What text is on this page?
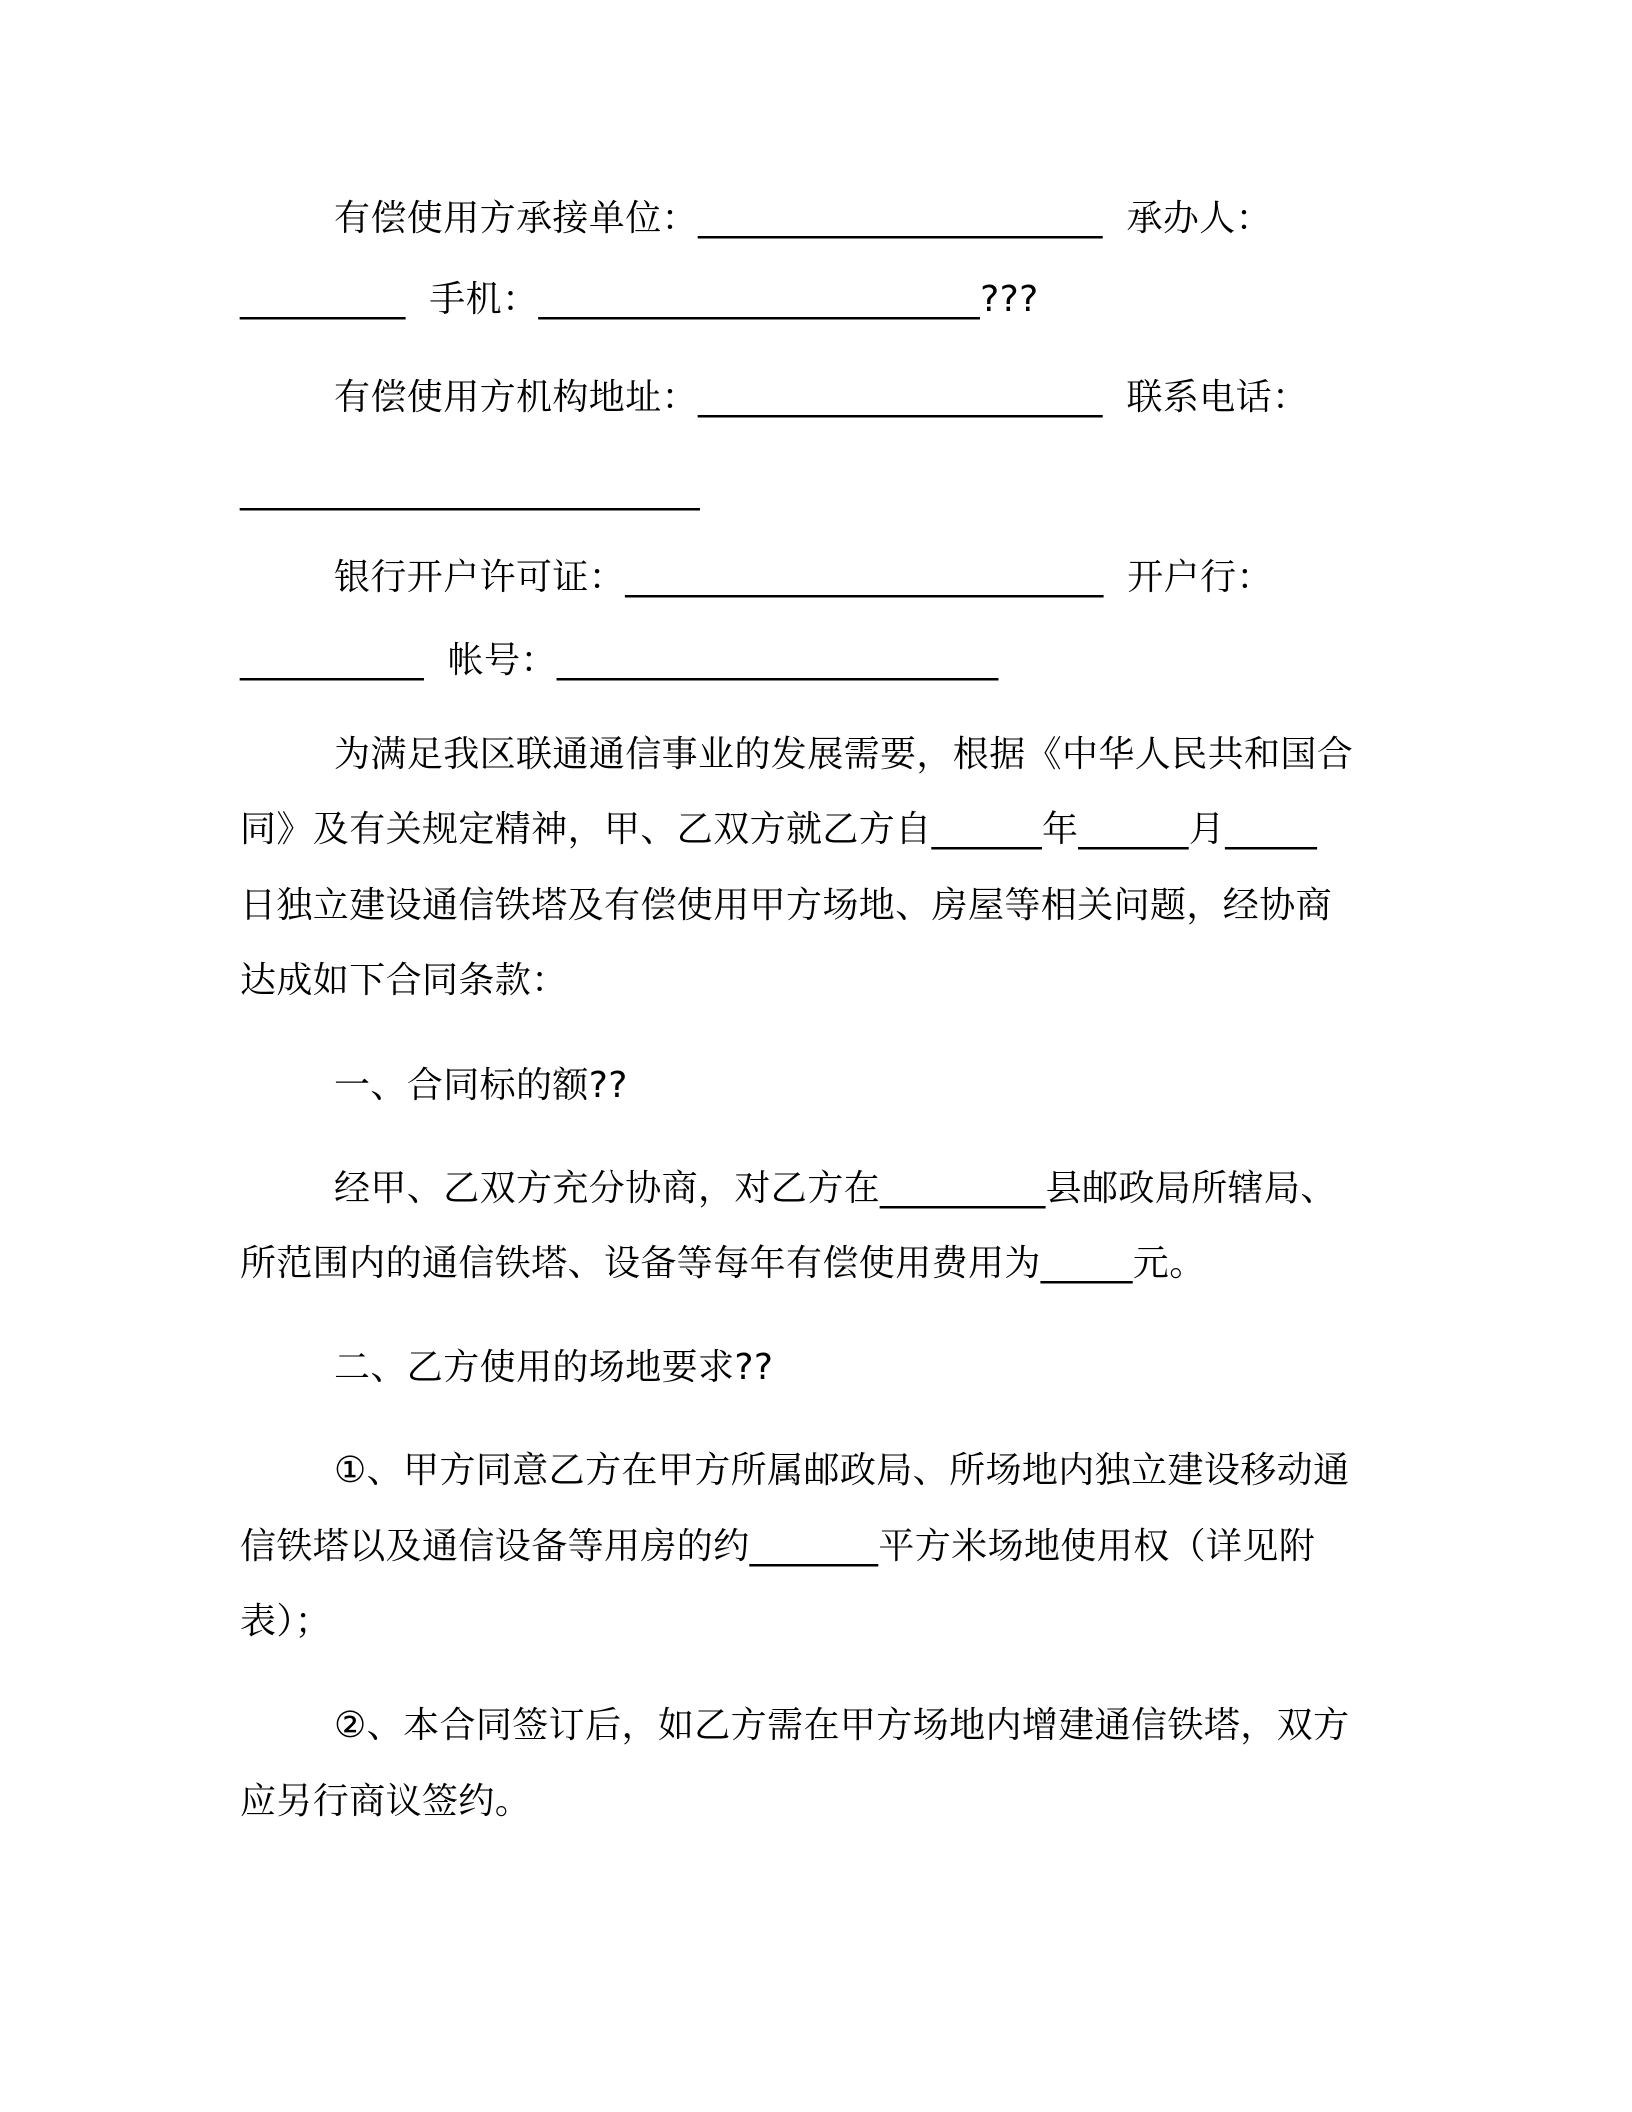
有偿使用方承接单位：______________________  承办人：
_________  手机：________________________???
有偿使用方机构地址：______________________  联系电话：
_________________________
银行开户许可证：__________________________  开户行：
__________  帐号：________________________
为满足我区联通通信事业的发展需要，根据《中华人民共和国合
同》及有关规定精神，甲、乙双方就乙方自______年______月_____
日独立建设通信铁塔及有偿使用甲方场地、房屋等相关问题，经协商
达成如下合同条款：
一、合同标的额??
经甲、乙双方充分协商，对乙方在_________县邮政局所辖局、
所范围内的通信铁塔、设备等每年有偿使用费用为_____元。
二、乙方使用的场地要求??
①、甲方同意乙方在甲方所属邮政局、所场地内独立建设移动通
信铁塔以及通信设备等用房的约_______平方米场地使用权（详见附
表）；
②、本合同签订后，如乙方需在甲方场地内增建通信铁塔，双方
应另行商议签约。
